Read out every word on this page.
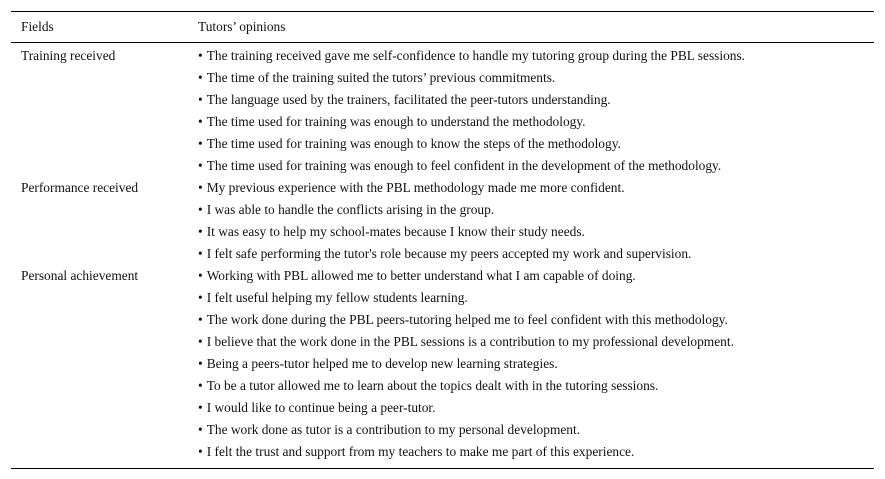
Fields	Tutors’ opinions
Training received	• The training received gave me self-confidence to handle my tutoring group during the PBL sessions.
	• The time of the training suited the tutors’ previous commitments.
	• The language used by the trainers, facilitated the peer-tutors understanding.
	• The time used for training was enough to understand the methodology.
	• The time used for training was enough to know the steps of the methodology.
	• The time used for training was enough to feel confident in the development of the methodology.
Performance received	• My previous experience with the PBL methodology made me more confident.
	• I was able to handle the conflicts arising in the group.
	• It was easy to help my school-mates because I know their study needs.
	• I felt safe performing the tutor's role because my peers accepted my work and supervision.
Personal achievement	• Working with PBL allowed me to better understand what I am capable of doing.
	• I felt useful helping my fellow students learning.
	• The work done during the PBL peers-tutoring helped me to feel confident with this methodology.
	• I believe that the work done in the PBL sessions is a contribution to my professional development.
	• Being a peers-tutor helped me to develop new learning strategies.
	• To be a tutor allowed me to learn about the topics dealt with in the tutoring sessions.
	• I would like to continue being a peer-tutor.
	• The work done as tutor is a contribution to my personal development.
	• I felt the trust and support from my teachers to make me part of this experience.
